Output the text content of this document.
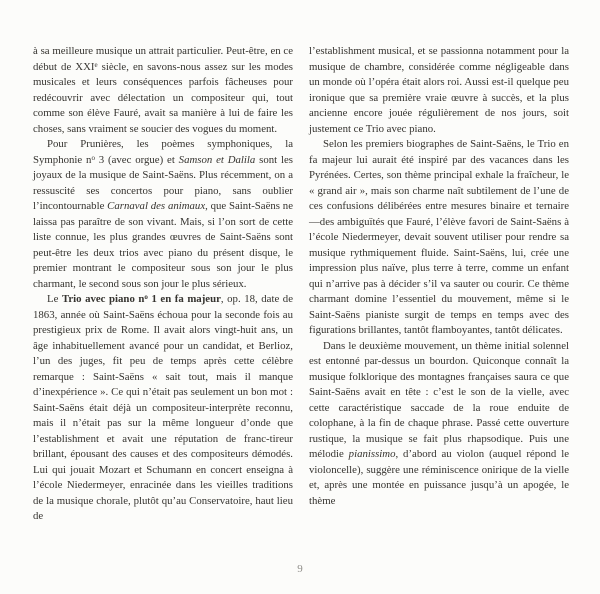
à sa meilleure musique un attrait particulier. Peut-être, en ce début de XXIe siècle, en savons-nous assez sur les modes musicales et leurs conséquences parfois fâcheuses pour redécouvrir avec délectation un compositeur qui, tout comme son élève Fauré, avait sa manière à lui de faire les choses, sans vraiment se soucier des vogues du moment.

Pour Prunières, les poèmes symphoniques, la Symphonie $n^o$ 3 (avec orgue) et Samson et Dalila sont les joyaux de la musique de Saint-Saëns. Plus récemment, on a ressuscité ses concertos pour piano, sans oublier l’incontournable Carnaval des animaux, que Saint-Saëns ne laissa pas paraître de son vivant. Mais, si l’on sort de cette liste connue, les plus grandes œuvres de Saint-Saëns sont peut-être les deux trios avec piano du présent disque, le premier montrant le compositeur sous son jour le plus charmant, le second sous son jour le plus sérieux.

Le Trio avec piano $n^o$ 1 en fa majeur, op. 18, date de 1863, année où Saint-Saëns échoua pour la seconde fois au prestigieux prix de Rome. Il avait alors vingt-huit ans, un âge inhabituellement avancé pour un candidat, et Berlioz, l’un des juges, fit peu de temps après cette célèbre remarque : Saint-Saëns « sait tout, mais il manque d’inexpérience ». Ce qui n’était pas seulement un bon mot : Saint-Saëns était déjà un compositeur-interprète reconnu, mais il n’était pas sur la même longueur d’onde que l’establishment et avait une réputation de franc-tireur brillant, épousant des causes et des compositeurs démodés. Lui qui jouait Mozart et Schumann en concert enseigna à l’école Niedermeyer, enracinée dans les vieilles traditions de la musique chorale, plutôt qu’au Conservatoire, haut lieu de

l’establishment musical, et se passionna notamment pour la musique de chambre, considérée comme négligeable dans un monde où l’opéra était alors roi. Aussi est-il quelque peu ironique que sa première vraie œuvre à succès, et la plus ancienne encore jouée régulièrement de nos jours, soit justement ce Trio avec piano.

Selon les premiers biographes de Saint-Saëns, le Trio en fa majeur lui aurait été inspiré par des vacances dans les Pyrénées. Certes, son thème principal exhale la fraîcheur, le « grand air », mais son charme naît subtilement de l’une de ces confusions délibérées entre mesures binaire et ternaire—des ambiguïtés que Fauré, l’élève favori de Saint-Saëns à l’école Niedermeyer, devait souvent utiliser pour rendre sa musique rythmiquement fluide. Saint-Saëns, lui, crée une impression plus naïve, plus terre à terre, comme un enfant qui n’arrive pas à décider s’il va sauter ou courir. Ce thème charmant domine l’essentiel du mouvement, même si le Saint-Saëns pianiste surgit de temps en temps avec des figurations brillantes, tantôt flamboyantes, tantôt délicates.

Dans le deuxième mouvement, un thème initial solennel est entonné par-dessus un bourdon. Quiconque connaît la musique folklorique des montagnes françaises saura ce que Saint-Saëns avait en tête : c’est le son de la vielle, avec cette caractéristique saccade de la roue enduite de colophane, à la fin de chaque phrase. Passé cette ouverture rustique, la musique se fait plus rhapsodique. Puis une mélodie pianissimo, d’abord au violon (auquel répond le violoncelle), suggère une réminiscence onirique de la vielle et, après une montée en puissance jusqu’à un apogée, le thème

9
